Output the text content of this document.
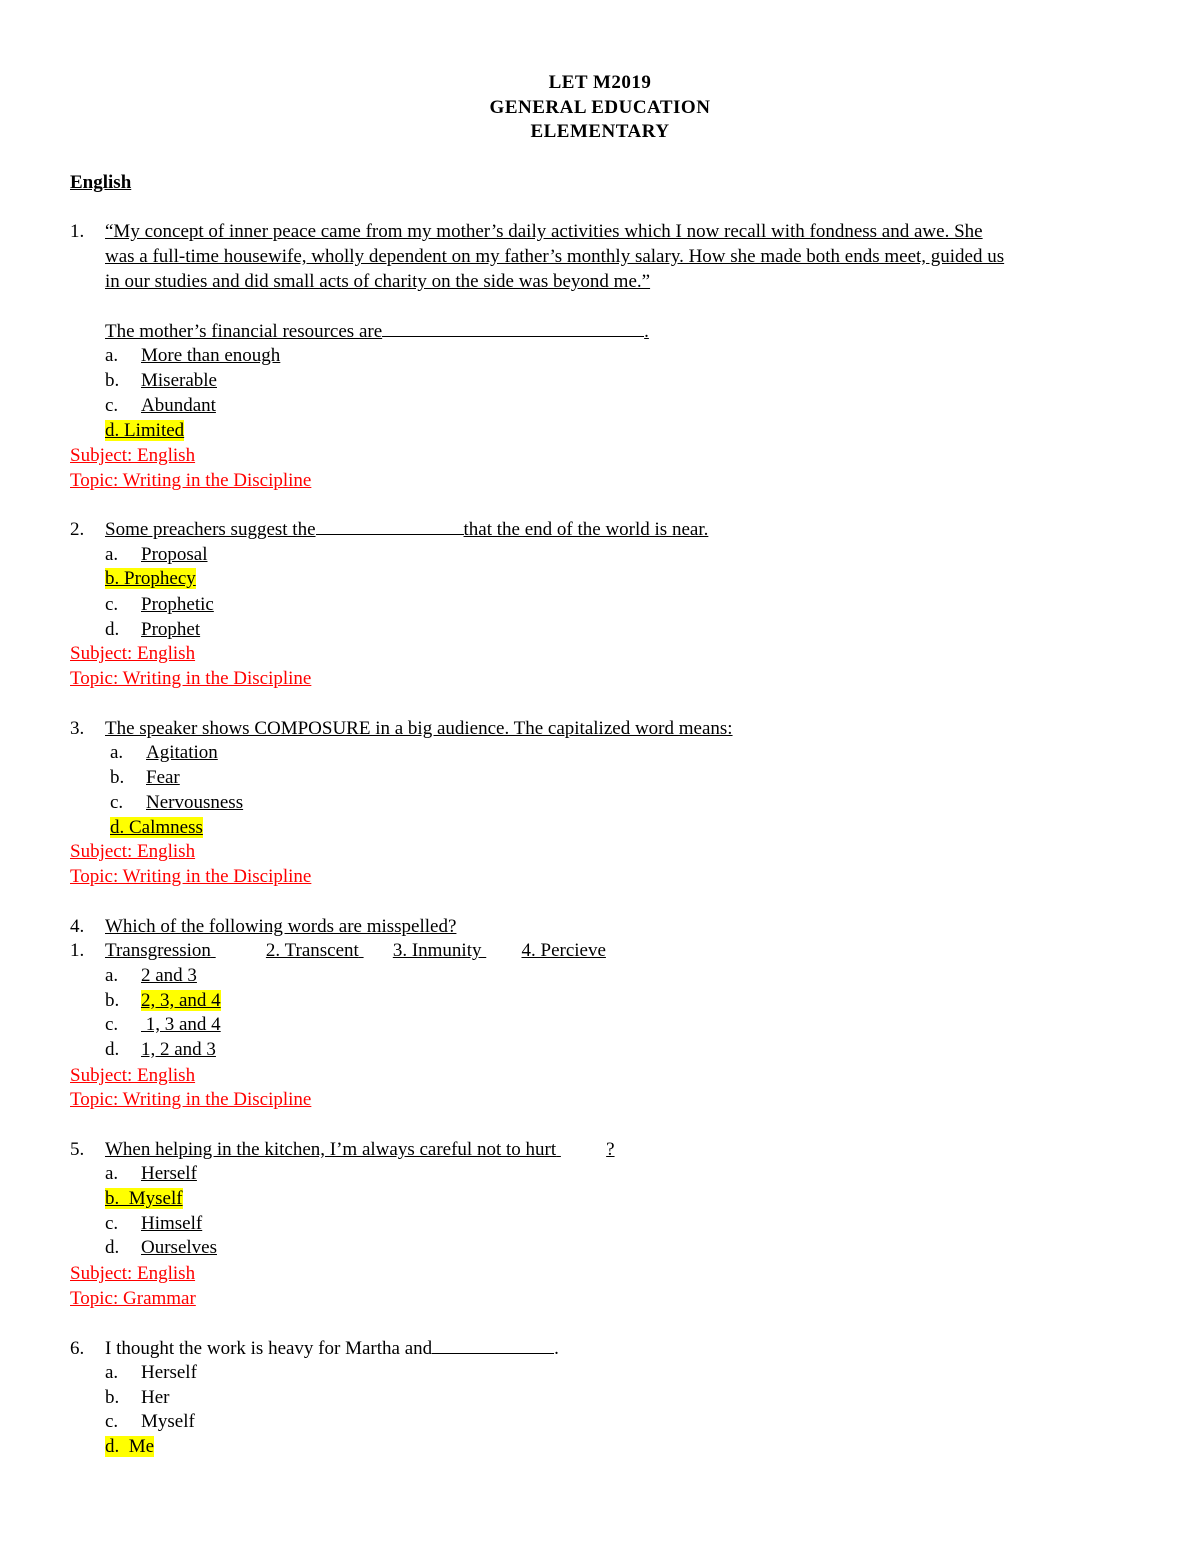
LET M2019
GENERAL EDUCATION
ELEMENTARY
English
1. “My concept of inner peace came from my mother’s daily activities which I now recall with fondness and awe. She
was a full-time housewife, wholly dependent on my father’s monthly salary. How she made both ends meet, guided us
in our studies and did small acts of charity on the side was beyond me.”
The mother’s financial resources are	.
a. More than enough
b. Miserable
c. Abundant
d. Limited
Subject: English
Topic: Writing in the Discipline
2. Some preachers suggest the	that the end of the world is near.
a. Proposal
b. Prophecy
c. Prophetic
d. Prophet
Subject: English
Topic: Writing in the Discipline
3. The speaker shows COMPOSURE in a big audience. The capitalized word means:
a. Agitation
b. Fear
c. Nervousness
d. Calmness
Subject: English
Topic: Writing in the Discipline
4. Which of the following words are misspelled?
1. Transgression	2. Transcent 3. Inmunity 4. Percieve
a. 2 and 3
b. 2, 3, and 4
c. 1, 3 and 4
d. 1, 2 and 3
Subject: English
Topic: Writing in the Discipline
5. When helping in the kitchen, I’m always careful not to hurt	?
a. Herself
b.  Myself
c. Himself
d. Ourselves
Subject: English
Topic: Grammar
6. I thought the work is heavy for Martha and	.
a. Herself
b. Her
c. Myself
d.  Me
